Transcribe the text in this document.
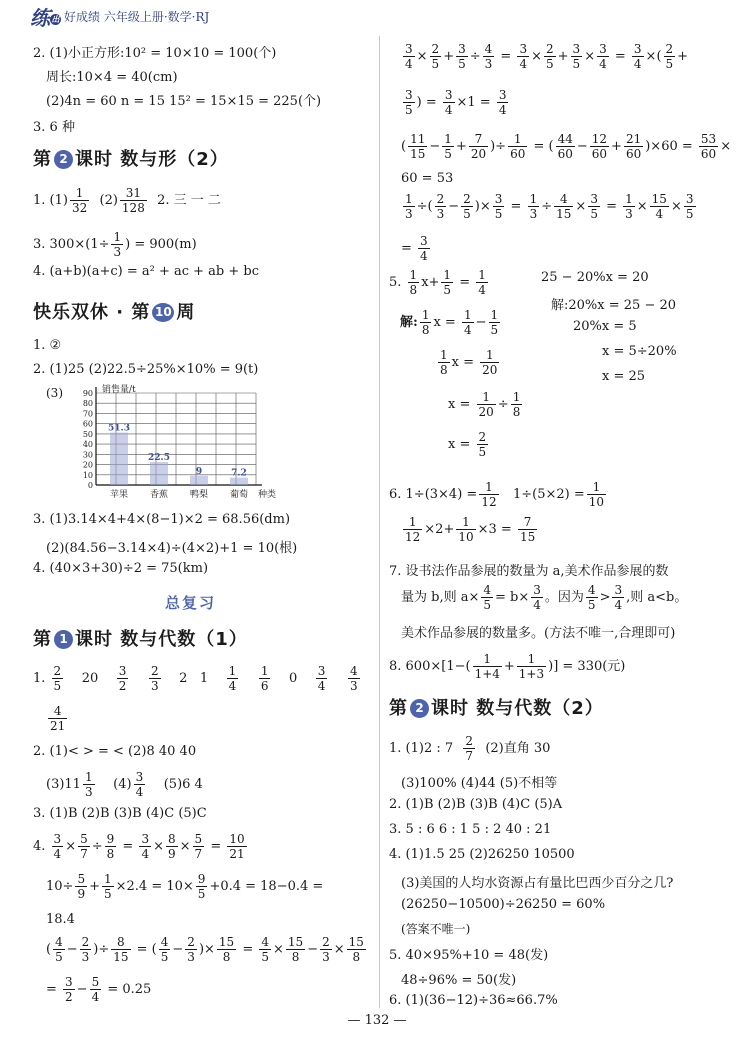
练 出 好成绩 六年级上册·数学·RJ
2. (1)小正方形:10² = 10×10 = 100(个)
周长:10×4 = 40(cm)
(2)4n = 60 n = 15 15² = 15×15 = 225(个)
3. 6 种
第 2 课时 数与形（2）
1. $(1) \frac{1}{32} (2) \frac{31}{128} 2$. 三 一 二
3. $300\times(1\div \frac{1}{3}$ ) = 900(m)
4. (a+b)(a+c) = a² + ac + ab + bc
快乐双休 · 第 10 周
1. ②
2. (1)25 (2)22.5÷25%×10% = 9(t)
(3)
0
10
20
30
40
50
60
70
80
90 销售量/t
51.3
苹果
22.5
香蕉
9
鸭梨
7.2
葡萄 种类
3. (1)3.14×4+4×(8−1)×2 = 68.56(dm)
(2)(84.56−3.14×4)÷(4×2)+1 = 10(根)
4. (40×3+30)÷2 = 75(km)
总复习
第 1 课时 数与代数（1）
1. $\frac{2}{5} 20 \frac{3}{2}$
$\frac{2}{3} 2$ $1 \frac{1}{4}$
$\frac{1}{6} 0 \frac{3}{4}$
$\frac{4}{3}$
$\frac{4}{21}$
2. (1)< > = < (2)8 40 40
$(3)11 \frac{1}{3} (4) \frac{3}{4} (5)6$ 4
3. (1)B (2)B (3)B (4)C (5)C
4. $\frac{3}{4} \times \frac{5}{7} \div \frac{9}{8} = \frac{3}{4} \times \frac{8}{9} \times \frac{5}{7} = \frac{10}{21}$
$10\div \frac{5}{9} + \frac{1}{5} \times 2.4 = 10\times \frac{9}{5} +0.4 = 18-0.4$ =
18.4
( $\frac{4}{5} - \frac{2}{3}$ )÷ $\frac{8}{15}$ = ( $\frac{4}{5} - \frac{2}{3}$ )× $\frac{15}{8} = \frac{4}{5} \times \frac{15}{8} - \frac{2}{3} \times \frac{15}{8}$
= $\frac{3}{2} - \frac{5}{4} = 0.25$
$\frac{3}{4} \times \frac{2}{5} + \frac{3}{5} \div \frac{4}{3} = \frac{3}{4} \times \frac{2}{5} + \frac{3}{5} \times \frac{3}{4} = \frac{3}{4}$ ×( $\frac{2}{5}$ +
$\frac{3}{5}$ ) = $\frac{3}{4} \times 1 = \frac{3}{4}$
( $\frac{11}{15} - \frac{1}{5} + \frac{7}{20}$ )÷ $\frac{1}{60}$ = ( $\frac{44}{60} - \frac{12}{60} + \frac{21}{60} )\times 60 = \frac{53}{60}$ ×
60 = 53
$\frac{1}{3}$ ÷( $\frac{2}{3} - \frac{2}{5}$ )× $\frac{3}{5} = \frac{1}{3} \div \frac{4}{15} \times \frac{3}{5} = \frac{1}{3} \times \frac{15}{4} \times \frac{3}{5}$
= $\frac{3}{4}$
5. $\frac{1}{8} x+ \frac{1}{5} = \frac{1}{4}$
解: $\frac{1}{8}$ $x = \frac{1}{4} - \frac{1}{5}$
$\frac{1}{8}$ $x = \frac{1}{20}$
$x = \frac{1}{20} \div \frac{1}{8}$
$x = \frac{2}{5}$
25 − 20%x = 20
解:20%x = 25 − 20
20%x = 5
x = 5÷20%
x = 25
6. $1\div(3\times 4) = \frac{1}{12} 1\div(5\times 2) = \frac{1}{10}$
$\frac{1}{12} \times 2+ \frac{1}{10} \times 3 = \frac{7}{15}$
7. 设书法作品参展的数量为 a,美术作品参展的数
量为 b,则 $a\times \frac{4}{5} = b\times \frac{3}{4}$ 。因为 $\frac{4}{5} > \frac{3}{4}$ ,则 a<b。
美术作品参展的数量多。(方法不唯一,合理即可)
8. $600\times[1-( \frac{1}{1+4} + \frac{1}{1+3}$ )] = 330(元)
第 2 课时 数与代数（2）
1. (1)2 : $7 \frac{2}{7} (2)$直角 30
(3)100% (4)44 (5)不相等
2. (1)B (2)B (3)B (4)C (5)A
3. 5 : 6 6 : 1 5 : 2 40 : 21
4. (1)1.5 25 (2)26250 10500
(3)美国的人均水资源占有量比巴西少百分之几?
(26250−10500)÷26250 = 60%
(答案不唯一)
5. 40×95%+10 = 48(发)
48÷96% = 50(发)
6. (1)(36−12)÷36≈66.7%
— 132 —
